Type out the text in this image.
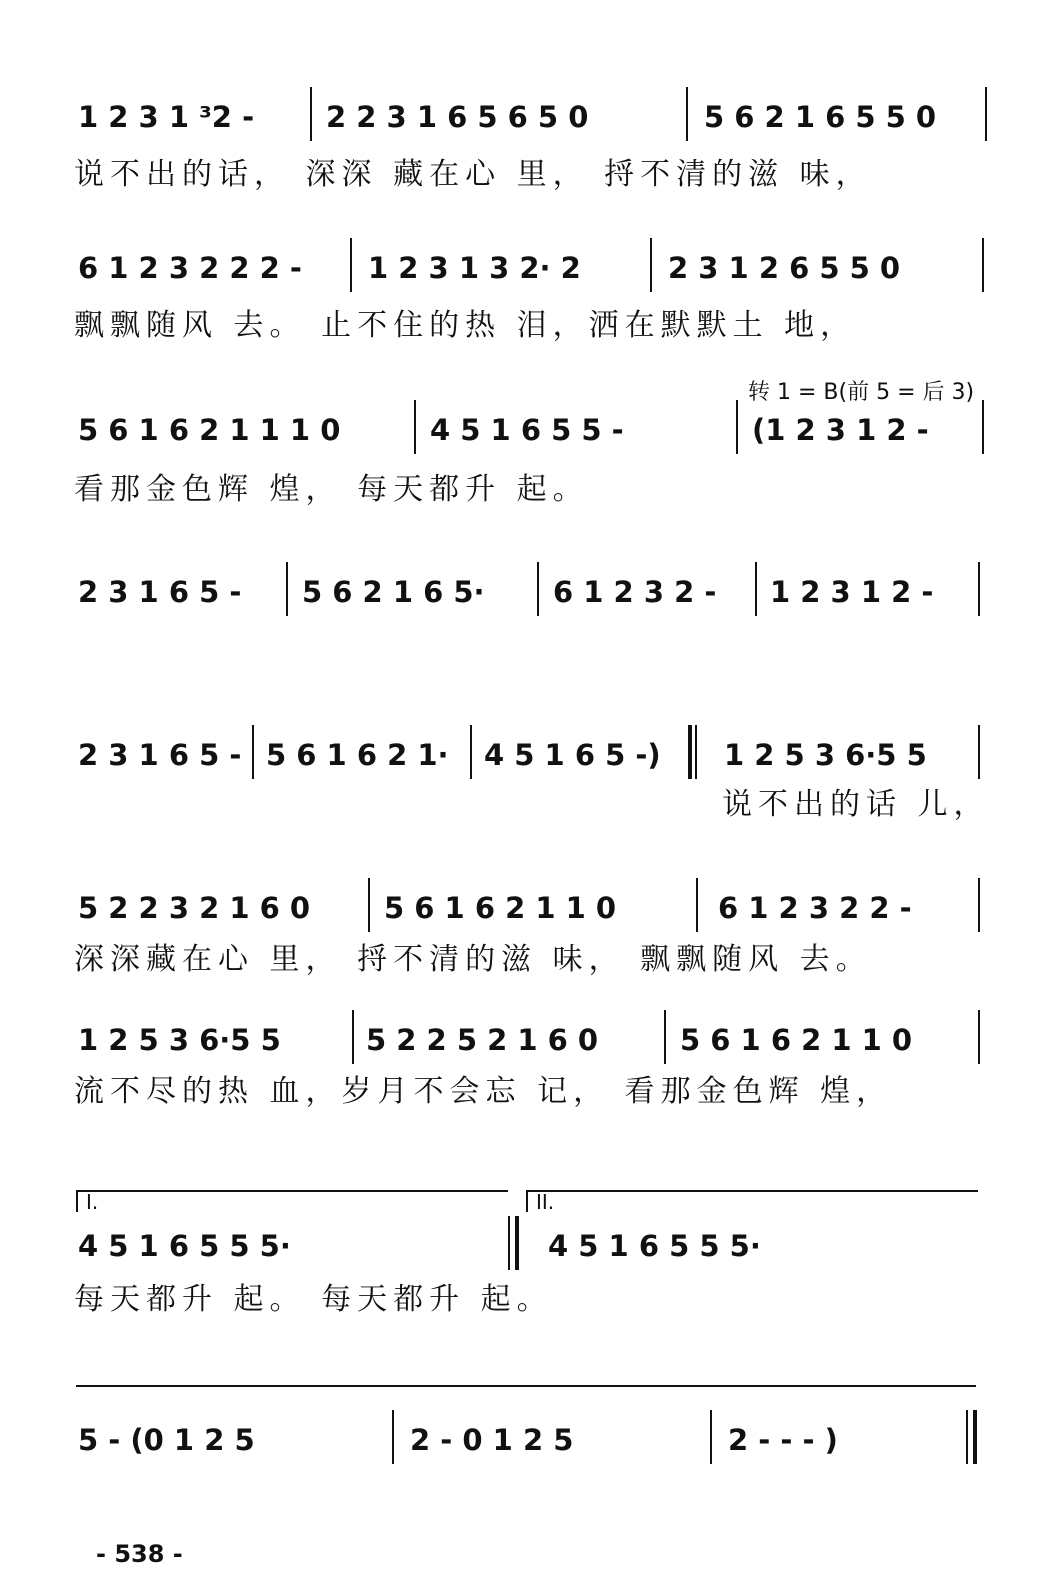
1 2 3 1 ³2 - 2 2 3 1 6 5 6 5 0	5 6 2 1 6 5 5 0
说不出的话， 深深 藏在心 里， 捋不清的滋 味，
6 1 2 3 2 2 2 - 1 2 3 1 3 2· 2	2 3 1 2 6 5 5 0
飘飘随风 去。 止不住的热 泪，洒在默默土 地，
转 1 = B(前 5 = 后 3)
5 6 1 6 2 1 1 1 0	4 5 1 6 5 5 -	(1 2 3 1 2 -
看那金色辉 煌， 每天都升 起。
2 3 1 6 5 - 5 6 2 1 6 5· 6 1 2 3 2 - 1 2 3 1 2 -
2 3 1 6 5 - 5 6 1 6 2 1· 4 5 1 6 5 -) 1 2 5 3 6·5 5
说不出的话 儿，
5 2 2 3 2 1 6 0	5 6 1 6 2 1 1 0	6 1 2 3 2 2 -
深深藏在心 里， 捋不清的滋 味， 飘飘随风 去。
1 2 5 3 6·5 5	5 2 2 5 2 1 6 0	5 6 1 6 2 1 1 0
流不尽的热 血，岁月不会忘 记， 看那金色辉 煌，
I.	II.
4 5 1 6 5 5 5·	4 5 1 6 5 5 5·
每天都升 起。 每天都升 起。
5 - (0 1 2 5	2 - 0 1 2 5	2 - - - )
- 538 -
